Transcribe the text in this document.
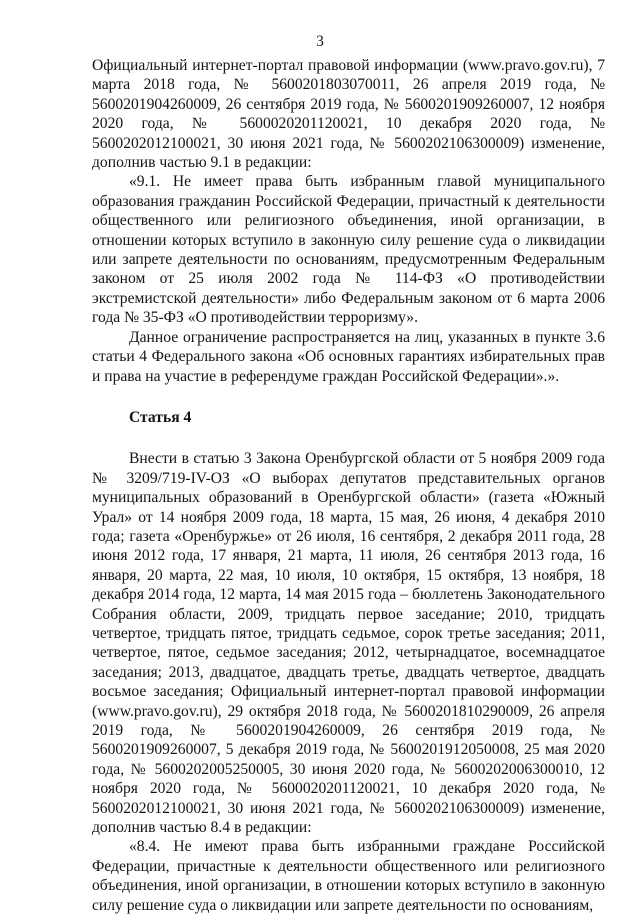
3

Официальный интернет-портал правовой информации (www.pravo.gov.ru), 7 марта 2018 года, № 5600201803070011, 26 апреля 2019 года, № 5600201904260009, 26 сентября 2019 года, № 5600201909260007, 12 ноября 2020 года, № 5600020201120021, 10 декабря 2020 года, № 5600202012100021, 30 июня 2021 года, № 5600202106300009) изменение, дополнив частью 9.1 в редакции:

«9.1. Не имеет права быть избранным главой муниципального образования гражданин Российской Федерации, причастный к деятельности общественного или религиозного объединения, иной организации, в отношении которых вступило в законную силу решение суда о ликвидации или запрете деятельности по основаниям, предусмотренным Федеральным законом от 25 июля 2002 года № 114-ФЗ «О противодействии экстремистской деятельности» либо Федеральным законом от 6 марта 2006 года № 35-ФЗ «О противодействии терроризму».

Данное ограничение распространяется на лиц, указанных в пункте 3.6 статьи 4 Федерального закона «Об основных гарантиях избирательных прав и права на участие в референдуме граждан Российской Федерации».».

Статья 4

Внести в статью 3 Закона Оренбургской области от 5 ноября 2009 года № 3209/719-IV-ОЗ «О выборах депутатов представительных органов муниципальных образований в Оренбургской области» (газета «Южный Урал» от 14 ноября 2009 года, 18 марта, 15 мая, 26 июня, 4 декабря 2010 года; газета «Оренбуржье» от 26 июля, 16 сентября, 2 декабря 2011 года, 28 июня 2012 года, 17 января, 21 марта, 11 июля, 26 сентября 2013 года, 16 января, 20 марта, 22 мая, 10 июля, 10 октября, 15 октября, 13 ноября, 18 декабря 2014 года, 12 марта, 14 мая 2015 года – бюллетень Законодательного Собрания области, 2009, тридцать первое заседание; 2010, тридцать четвертое, тридцать пятое, тридцать седьмое, сорок третье заседания; 2011, четвертое, пятое, седьмое заседания; 2012, четырнадцатое, восемнадцатое заседания; 2013, двадцатое, двадцать третье, двадцать четвертое, двадцать восьмое заседания; Официальный интернет-портал правовой информации (www.pravo.gov.ru), 29 октября 2018 года, № 5600201810290009, 26 апреля 2019 года, № 5600201904260009, 26 сентября 2019 года, № 5600201909260007, 5 декабря 2019 года, № 5600201912050008, 25 мая 2020 года, № 5600202005250005, 30 июня 2020 года, № 5600202006300010, 12 ноября 2020 года, № 5600020201120021, 10 декабря 2020 года, № 5600202012100021, 30 июня 2021 года, № 5600202106300009) изменение, дополнив частью 8.4 в редакции:

«8.4. Не имеют права быть избранными граждане Российской Федерации, причастные к деятельности общественного или религиозного объединения, иной организации, в отношении которых вступило в законную силу решение суда о ликвидации или запрете деятельности по основаниям,
